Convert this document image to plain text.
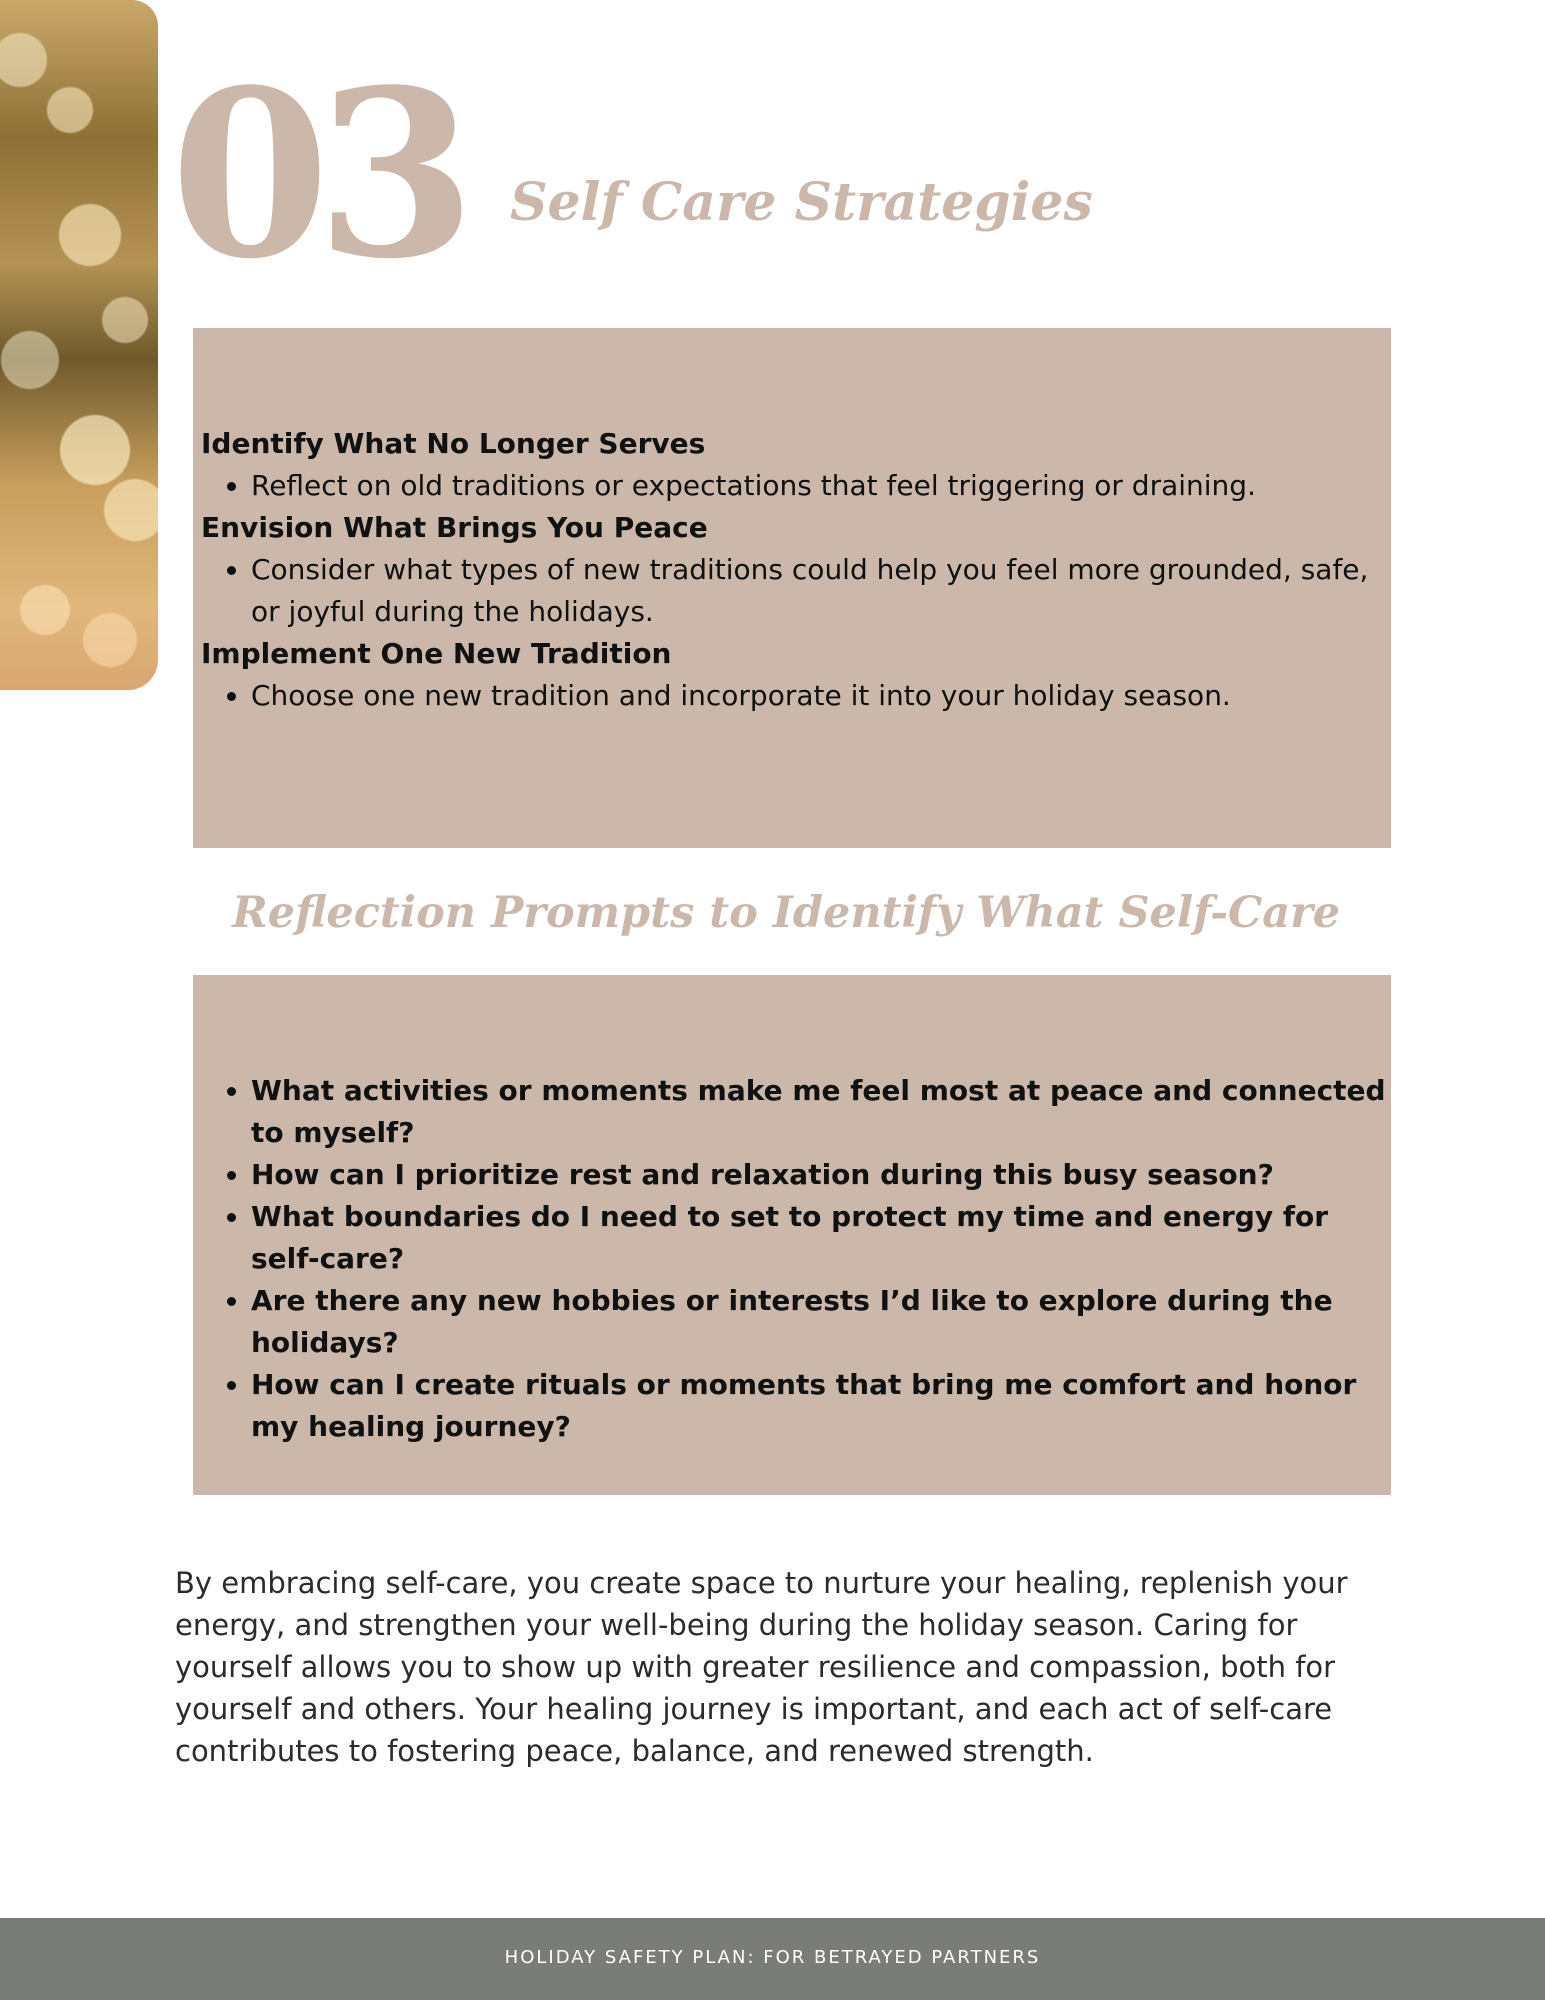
03 Self Care Strategies

Identify What No Longer Serves

• Reflect on old traditions or expectations that feel triggering or draining.

Envision What Brings You Peace

• Consider what types of new traditions could help you feel more grounded, safe, or joyful during the holidays.

Implement One New Tradition

• Choose one new tradition and incorporate it into your holiday season.
Reflection Prompts to Identify What Self-Care
• What activities or moments make me feel most at peace and connected to myself?
• How can I prioritize rest and relaxation during this busy season?
• What boundaries do I need to set to protect my time and energy for self-care?
• Are there any new hobbies or interests I’d like to explore during the holidays?
• How can I create rituals or moments that bring me comfort and honor my healing journey?

By embracing self-care, you create space to nurture your healing, replenish your energy, and strengthen your well-being during the holiday season. Caring for yourself allows you to show up with greater resilience and compassion, both for yourself and others. Your healing journey is important, and each act of self-care contributes to fostering peace, balance, and renewed strength.

HOLIDAY SAFETY PLAN: FOR BETRAYED PARTNERS
